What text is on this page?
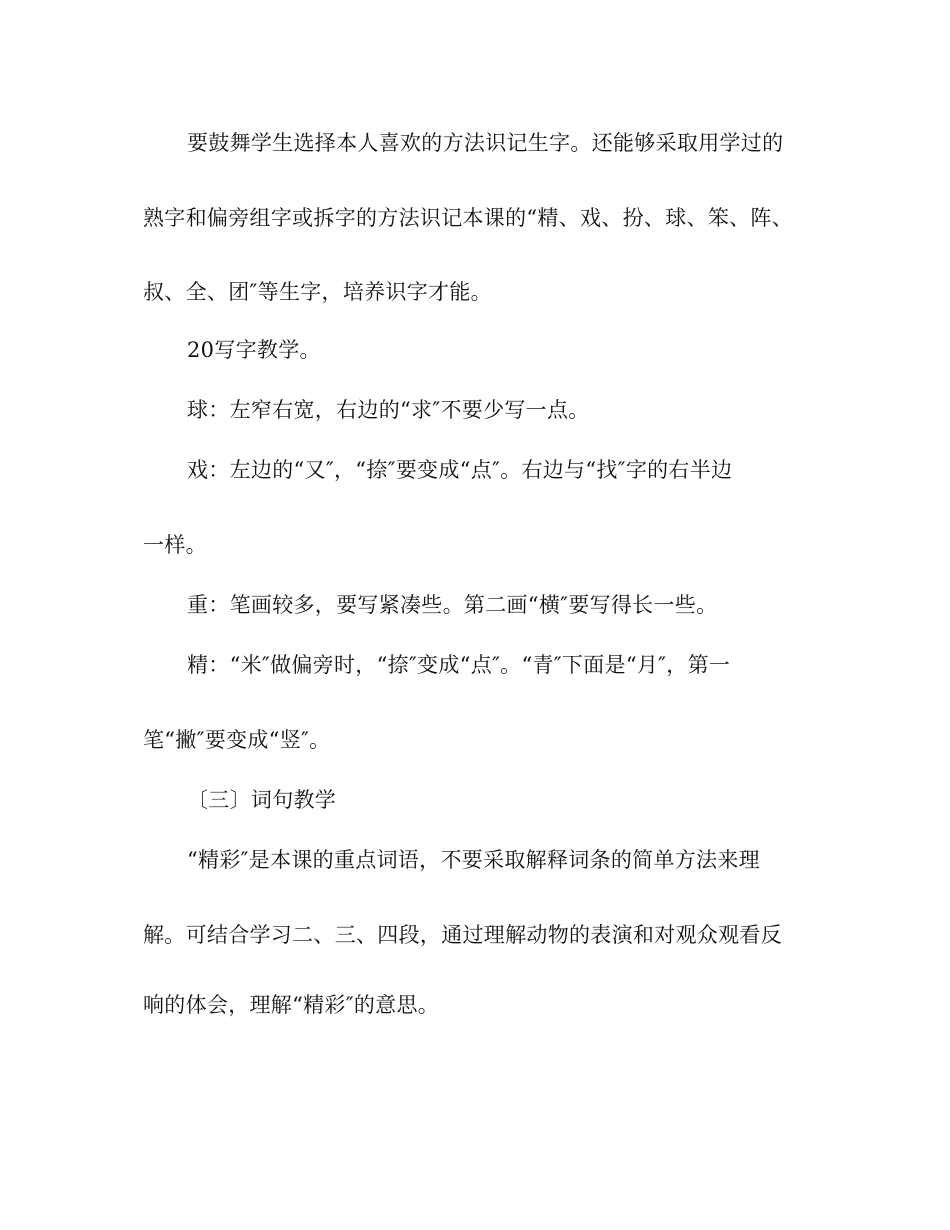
要鼓舞学生选择本人喜欢的方法识记生字。还能够采取用学过的
熟字和偏旁组字或拆字的方法识记本课的“精、戏、扮、球、笨、阵、
叔、全、团″等生字，培养识字才能。
20写字教学。
球：左窄右宽，右边的“求″不要少写一点。
戏：左边的“又″，“捺″要变成“点″。右边与“找″字的右半边
一样。
重：笔画较多，要写紧凑些。第二画“横″要写得长一些。
精：“米″做偏旁时，“捺″变成“点″。“青″下面是“月″，第一
笔“撇″要变成“竖″。
〔三〕词句教学
“精彩″是本课的重点词语，不要采取解释词条的简单方法来理
解。可结合学习二、三、四段，通过理解动物的表演和对观众观看反
响的体会，理解“精彩″的意思。
